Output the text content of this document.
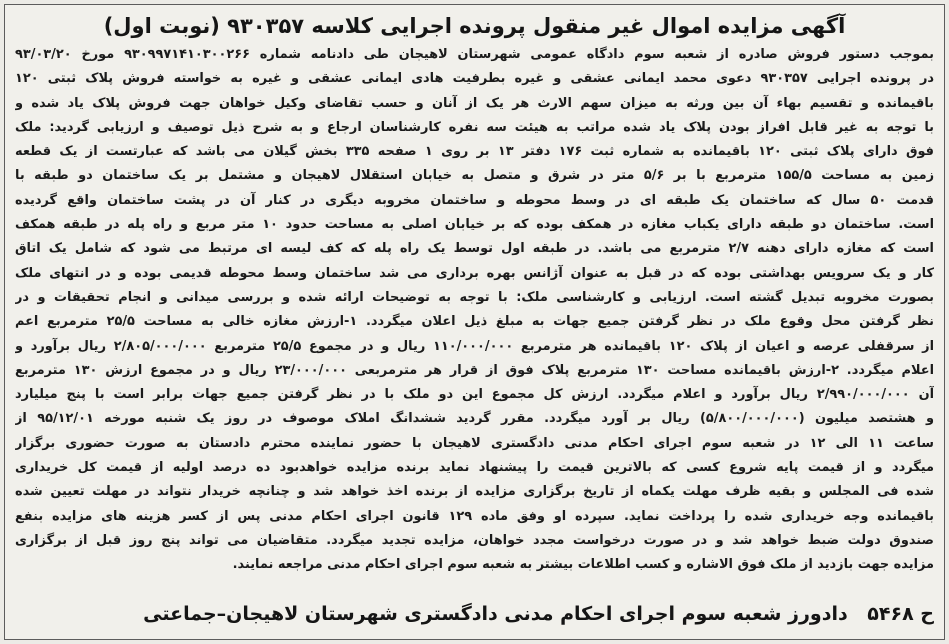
آگهی مزایده اموال غیر منقول پرونده اجرایی کلاسه ۹۳۰۳۵۷ (نوبت اول)
بموجب دستور فروش صادره از شعبه سوم دادگاه عمومی شهرستان لاهیجان طی دادنامه شماره ۹۳۰۹۹۷۱۴۱۰۳۰۰۲۶۶ مورخ ۹۳/۰۳/۲۰
در پرونده اجرایی ۹۳۰۳۵۷ دعوی محمد ایمانی عشقی و غیره بطرفیت هادی ایمانی عشقی و غیره به خواسته فروش پلاک ثبتی ۱۲۰
باقیمانده و تقسیم بهاء آن بین ورثه به میزان سهم الارث هر یک از آنان و حسب تقاضای وکیل خواهان جهت فروش پلاک یاد شده و
با توجه به غیر قابل افراز بودن پلاک یاد شده مراتب به هیئت سه نفره کارشناسان ارجاع و به شرح ذیل توصیف و ارزیابی گردید: ملک
فوق دارای پلاک ثبتی ۱۲۰ باقیمانده به شماره ثبت ۱۷۶ دفتر ۱۳ بر روی ۱ صفحه ۳۳۵ بخش گیلان می باشد که عبارتست از یک قطعه
زمین به مساحت ۱۵۵/۵ مترمربع با بر ۵/۶ متر در شرق و متصل به خیابان استقلال لاهیجان و مشتمل بر یک ساختمان دو طبقه با
قدمت ۵۰ سال که ساختمان یک طبقه ای در وسط محوطه و ساختمان مخروبه دیگری در کنار آن در پشت ساختمان واقع گردیده
است. ساختمان دو طبقه دارای یکباب مغازه در همکف بوده که بر خیابان اصلی به مساحت حدود ۱۰ متر مربع و راه پله در طبقه همکف
است که مغازه دارای دهنه ۲/۷ مترمربع می باشد. در طبقه اول توسط یک راه پله که کف لیسه ای مرتبط می شود که شامل یک اتاق
کار و یک سرویس بهداشتی بوده که در قبل به عنوان آژانس بهره برداری می شد ساختمان وسط محوطه قدیمی بوده و در انتهای ملک
بصورت مخروبه تبدیل گشته است. ارزیابی و کارشناسی ملک: با توجه به توضیحات ارائه شده و بررسی میدانی و انجام تحقیقات و در
نظر گرفتن محل وقوع ملک در نظر گرفتن جمیع جهات به مبلغ ذیل اعلان میگردد. ۱-ارزش مغازه خالی به مساحت ۲۵/۵ مترمربع اعم
از سرقفلی عرصه و اعیان از پلاک ۱۲۰ باقیمانده هر مترمربع ۱۱۰/۰۰۰/۰۰۰ ریال و در مجموع ۲۵/۵ مترمربع ۲/۸۰۵/۰۰۰/۰۰۰ ریال برآورد و
اعلام میگردد. ۲-ارزش باقیمانده مساحت ۱۳۰ مترمربع پلاک فوق از قرار هر مترمربعی ۲۳/۰۰۰/۰۰۰ ریال و در مجموع ارزش ۱۳۰ مترمربع
آن ۲/۹۹۰/۰۰۰/۰۰۰ ریال برآورد و اعلام میگردد. ارزش کل مجموع این دو ملک با در نظر گرفتن جمیع جهات برابر است با پنج میلیارد
و هشتصد میلیون (۵/۸۰۰/۰۰۰/۰۰۰) ریال بر آورد میگردد. مقرر گردید ششدانگ املاک موصوف در روز یک شنبه مورخه ۹۵/۱۲/۰۱ از
ساعت ۱۱ الی ۱۲ در شعبه سوم اجرای احکام مدنی دادگستری لاهیجان با حضور نماینده محترم دادستان به صورت حضوری برگزار
میگردد و از قیمت پایه شروع کسی که بالاترین قیمت را پیشنهاد نماید برنده مزایده خواهدبود ده درصد اولیه از قیمت کل خریداری
شده فی المجلس و بقیه ظرف مهلت یکماه از تاریخ برگزاری مزایده از برنده اخذ خواهد شد و چنانچه خریدار نتواند در مهلت تعیین شده
باقیمانده وجه خریداری شده را پرداخت نماید. سپرده او وفق ماده ۱۲۹ قانون اجرای احکام مدنی پس از کسر هزینه های مزایده بنفع
صندوق دولت ضبط خواهد شد و در صورت درخواست مجدد خواهان، مزایده تجدید میگردد. متقاضیان می تواند پنج روز قبل از برگزاری
مزایده جهت بازدید از ملک فوق الاشاره و کسب اطلاعات بیشتر به شعبه سوم اجرای احکام مدنی مراجعه نمایند.
ح ۵۴۶۸ دادورز شعبه سوم اجرای احکام مدنی دادگستری شهرستان لاهیجان–جماعتی
